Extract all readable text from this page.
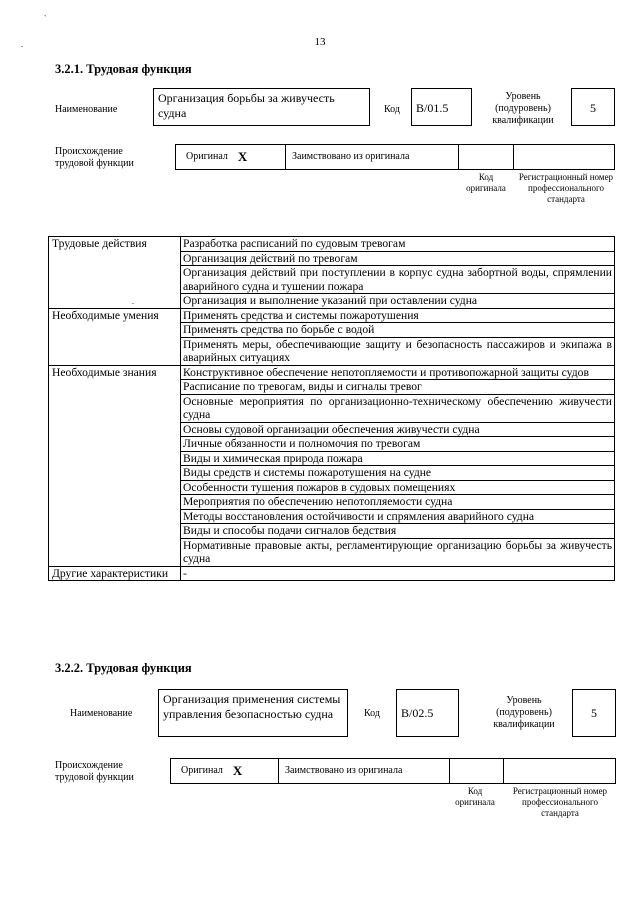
`
.	13
3.2.1. Трудовая функция
Наименование
Организация борьбы за живучесть судна	Код	B/01.5
Уровень (подуровень) квалификации
5
Происхождение трудовой функции
Оригинал X	Заимствовано из оригинала
Код оригинала
Регистрационный номер профессионального стандарта
Трудовые действия	Разработка расписаний по судовым тревогам
	Организация действий по тревогам
	Организация действий при поступлении в корпус судна забортной воды, спрямлении аварийного судна и тушении пожара
	Организация и выполнение указаний при оставлении судна
Необходимые умения	Применять средства и системы пожаротушения
	Применять средства по борьбе с водой
	Применять меры, обеспечивающие защиту и безопасность пассажиров и экипажа в аварийных ситуациях
Необходимые знания	Конструктивное обеспечение непотопляемости и противопожарной защиты судов
	Расписание по тревогам, виды и сигналы тревог
	Основные мероприятия по организационно-техническому обеспечению живучести судна
	Основы судовой организации обеспечения живучести судна
	Личные обязанности и полномочия по тревогам
	Виды и химическая природа пожара
	Виды средств и системы пожаротушения на судне
	Особенности тушения пожаров в судовых помещениях
	Мероприятия по обеспечению непотопляемости судна
	Методы восстановления остойчивости и спрямления аварийного судна
	Виды и способы подачи сигналов бедствия
	Нормативные правовые акты, регламентирующие организацию борьбы за живучесть судна
Другие характеристики	-
.
3.2.2. Трудовая функция
Наименование
Организация применения системы управления безопасностью судна	Код	B/02.5
Уровень (подуровень) квалификации
5
Происхождение трудовой функции
Оригинал X	Заимствовано из оригинала
Код оригинала
Регистрационный номер профессионального стандарта
